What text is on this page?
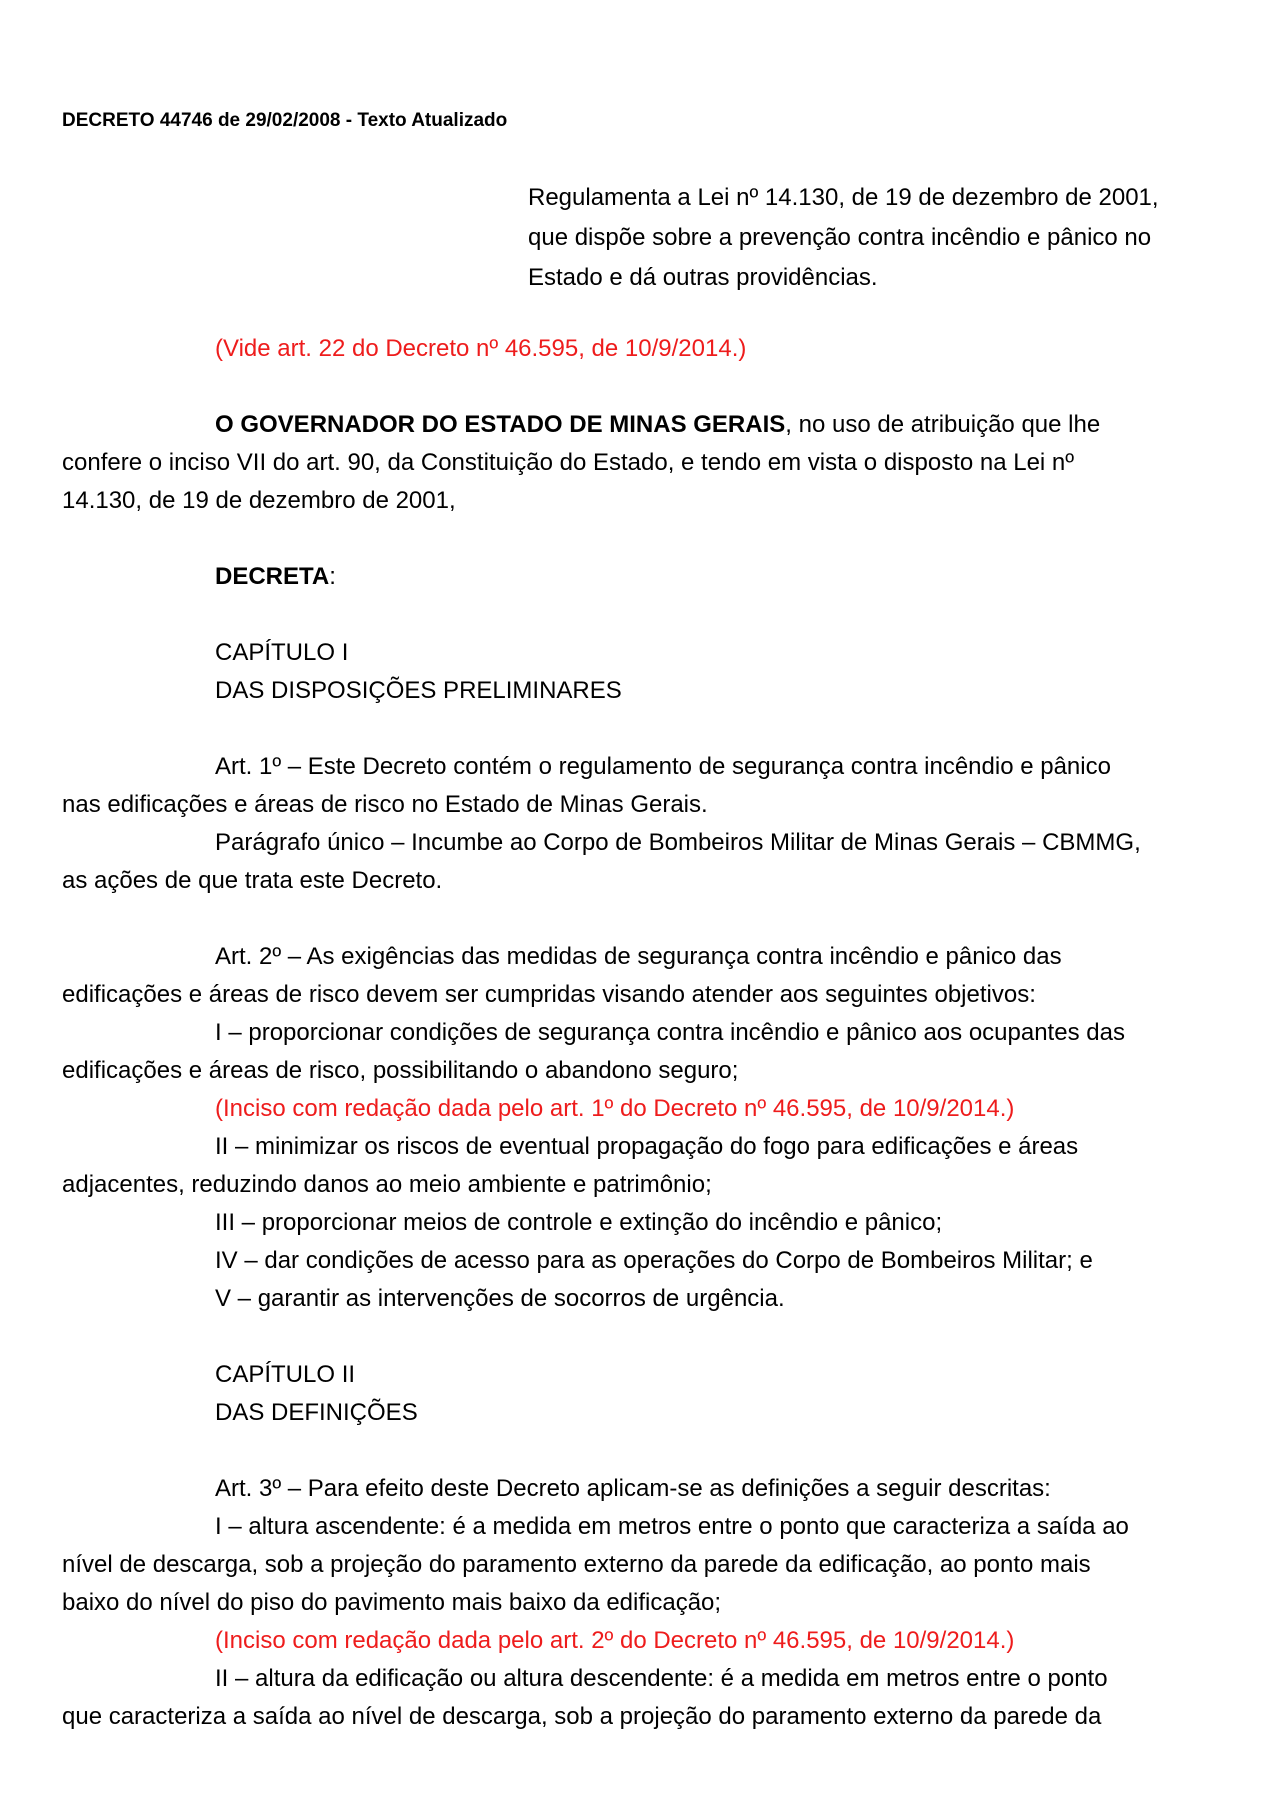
DECRETO 44746 de 29/02/2008 - Texto Atualizado
Regulamenta a Lei nº 14.130, de 19 de dezembro de 2001,
que dispõe sobre a prevenção contra incêndio e pânico no
Estado e dá outras providências.
(Vide art. 22 do Decreto nº 46.595, de 10/9/2014.)
O GOVERNADOR DO ESTADO DE MINAS GERAIS, no uso de atribuição que lhe
confere o inciso VII do art. 90, da Constituição do Estado, e tendo em vista o disposto na Lei nº
14.130, de 19 de dezembro de 2001,
DECRETA:
CAPÍTULO I
DAS DISPOSIÇÕES PRELIMINARES
Art. 1º – Este Decreto contém o regulamento de segurança contra incêndio e pânico
nas edificações e áreas de risco no Estado de Minas Gerais.
Parágrafo único – Incumbe ao Corpo de Bombeiros Militar de Minas Gerais – CBMMG,
as ações de que trata este Decreto.
Art. 2º – As exigências das medidas de segurança contra incêndio e pânico das
edificações e áreas de risco devem ser cumpridas visando atender aos seguintes objetivos:
I – proporcionar condições de segurança contra incêndio e pânico aos ocupantes das
edificações e áreas de risco, possibilitando o abandono seguro;
(Inciso com redação dada pelo art. 1º do Decreto nº 46.595, de 10/9/2014.)
II – minimizar os riscos de eventual propagação do fogo para edificações e áreas
adjacentes, reduzindo danos ao meio ambiente e patrimônio;
III – proporcionar meios de controle e extinção do incêndio e pânico;
IV – dar condições de acesso para as operações do Corpo de Bombeiros Militar; e
V – garantir as intervenções de socorros de urgência.
CAPÍTULO II
DAS DEFINIÇÕES
Art. 3º – Para efeito deste Decreto aplicam-se as definições a seguir descritas:
I – altura ascendente: é a medida em metros entre o ponto que caracteriza a saída ao
nível de descarga, sob a projeção do paramento externo da parede da edificação, ao ponto mais
baixo do nível do piso do pavimento mais baixo da edificação;
(Inciso com redação dada pelo art. 2º do Decreto nº 46.595, de 10/9/2014.)
II – altura da edificação ou altura descendente: é a medida em metros entre o ponto
que caracteriza a saída ao nível de descarga, sob a projeção do paramento externo da parede da
